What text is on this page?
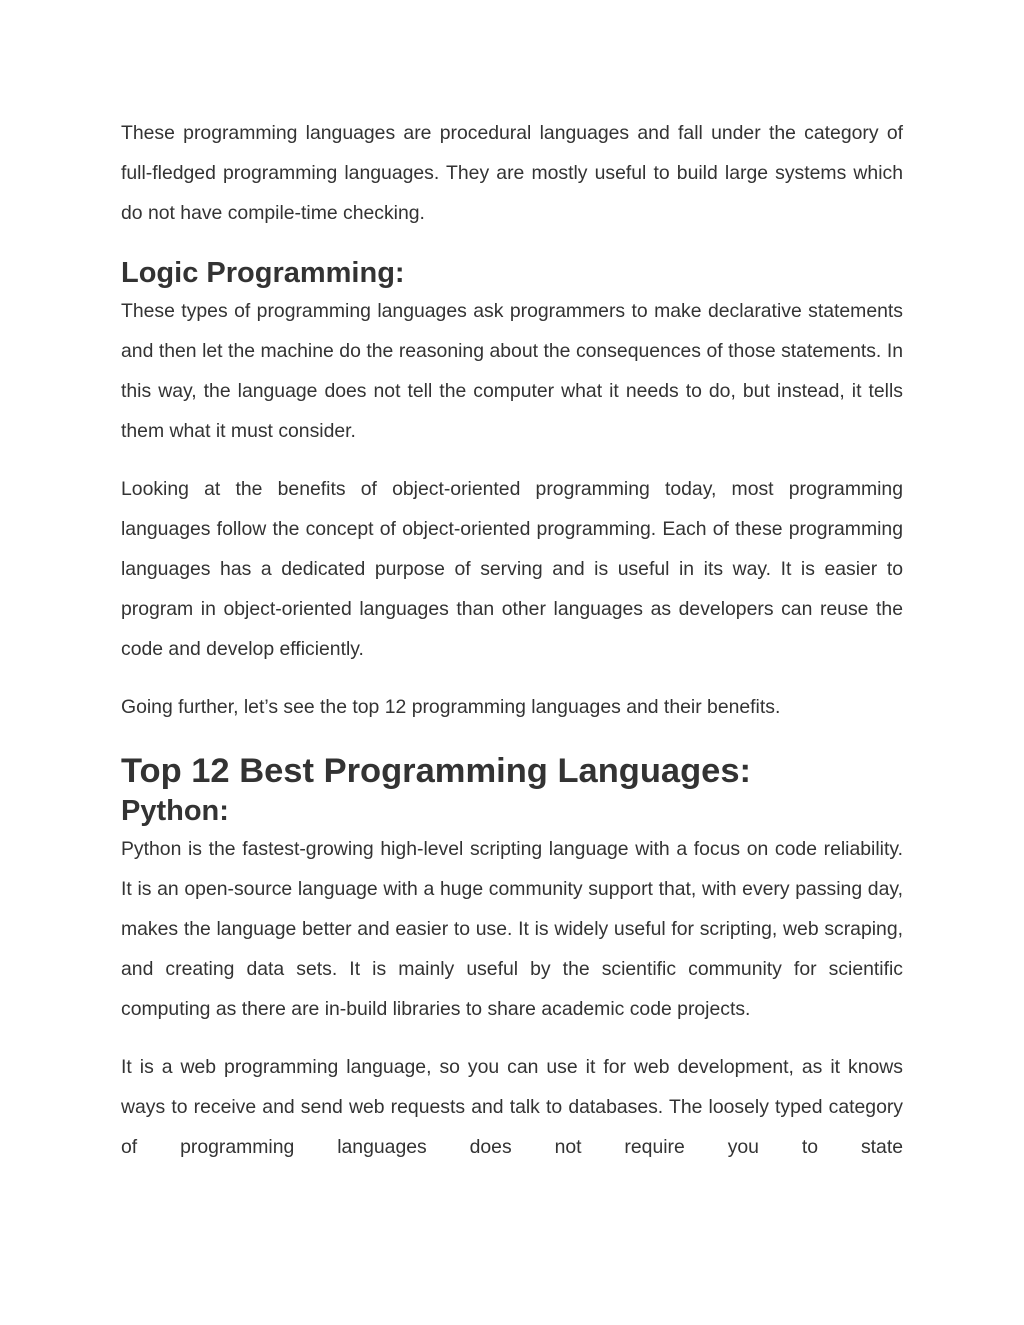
These programming languages are procedural languages and fall under the category of full-fledged programming languages. They are mostly useful to build large systems which do not have compile-time checking.

Logic Programming:

These types of programming languages ask programmers to make declarative statements and then let the machine do the reasoning about the consequences of those statements. In this way, the language does not tell the computer what it needs to do, but instead, it tells them what it must consider.

Looking at the benefits of object-oriented programming today, most programming languages follow the concept of object-oriented programming. Each of these programming languages has a dedicated purpose of serving and is useful in its way. It is easier to program in object-oriented languages than other languages as developers can reuse the code and develop efficiently.

Going further, let’s see the top 12 programming languages and their benefits.

Top 12 Best Programming Languages:
Python:

Python is the fastest-growing high-level scripting language with a focus on code reliability. It is an open-source language with a huge community support that, with every passing day, makes the language better and easier to use. It is widely useful for scripting, web scraping, and creating data sets. It is mainly useful by the scientific community for scientific computing as there are in-build libraries to share academic code projects.

It is a web programming language, so you can use it for web development, as it knows ways to receive and send web requests and talk to databases. The loosely typed category of programming languages does not require you to state
